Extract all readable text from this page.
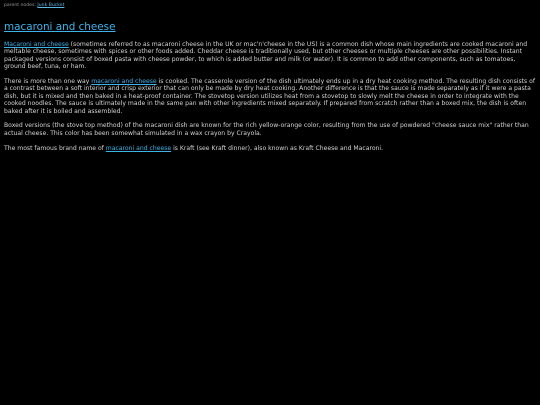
parent nodes: Junk Bucket
macaroni and cheese

Macaroni and cheese (sometimes referred to as macaroni cheese in the UK or mac'n'cheese in the US) is a common dish whose main ingredients are cooked macaroni and meltable cheese, sometimes with spices or other foods added. Cheddar cheese is traditionally used, but other cheeses or multiple cheeses are other possibilities. Instant packaged versions consist of boxed pasta with cheese powder, to which is added butter and milk (or water). It is common to add other components, such as tomatoes, ground beef, tuna, or ham.

There is more than one way macaroni and cheese is cooked. The casserole version of the dish ultimately ends up in a dry heat cooking method. The resulting dish consists of a contrast between a soft interior and crisp exterior that can only be made by dry heat cooking. Another difference is that the sauce is made separately as if it were a pasta dish, but it is mixed and then baked in a heat-proof container. The stovetop version utilizes heat from a stovetop to slowly melt the cheese in order to integrate with the cooked noodles. The sauce is ultimately made in the same pan with other ingredients mixed separately. If prepared from scratch rather than a boxed mix, the dish is often baked after it is boiled and assembled.

Boxed versions (the stove top method) of the macaroni dish are known for the rich yellow-orange color, resulting from the use of powdered "cheese sauce mix" rather than actual cheese. This color has been somewhat simulated in a wax crayon by Crayola.

The most famous brand name of macaroni and cheese is Kraft (see Kraft dinner), also known as Kraft Cheese and Macaroni.
